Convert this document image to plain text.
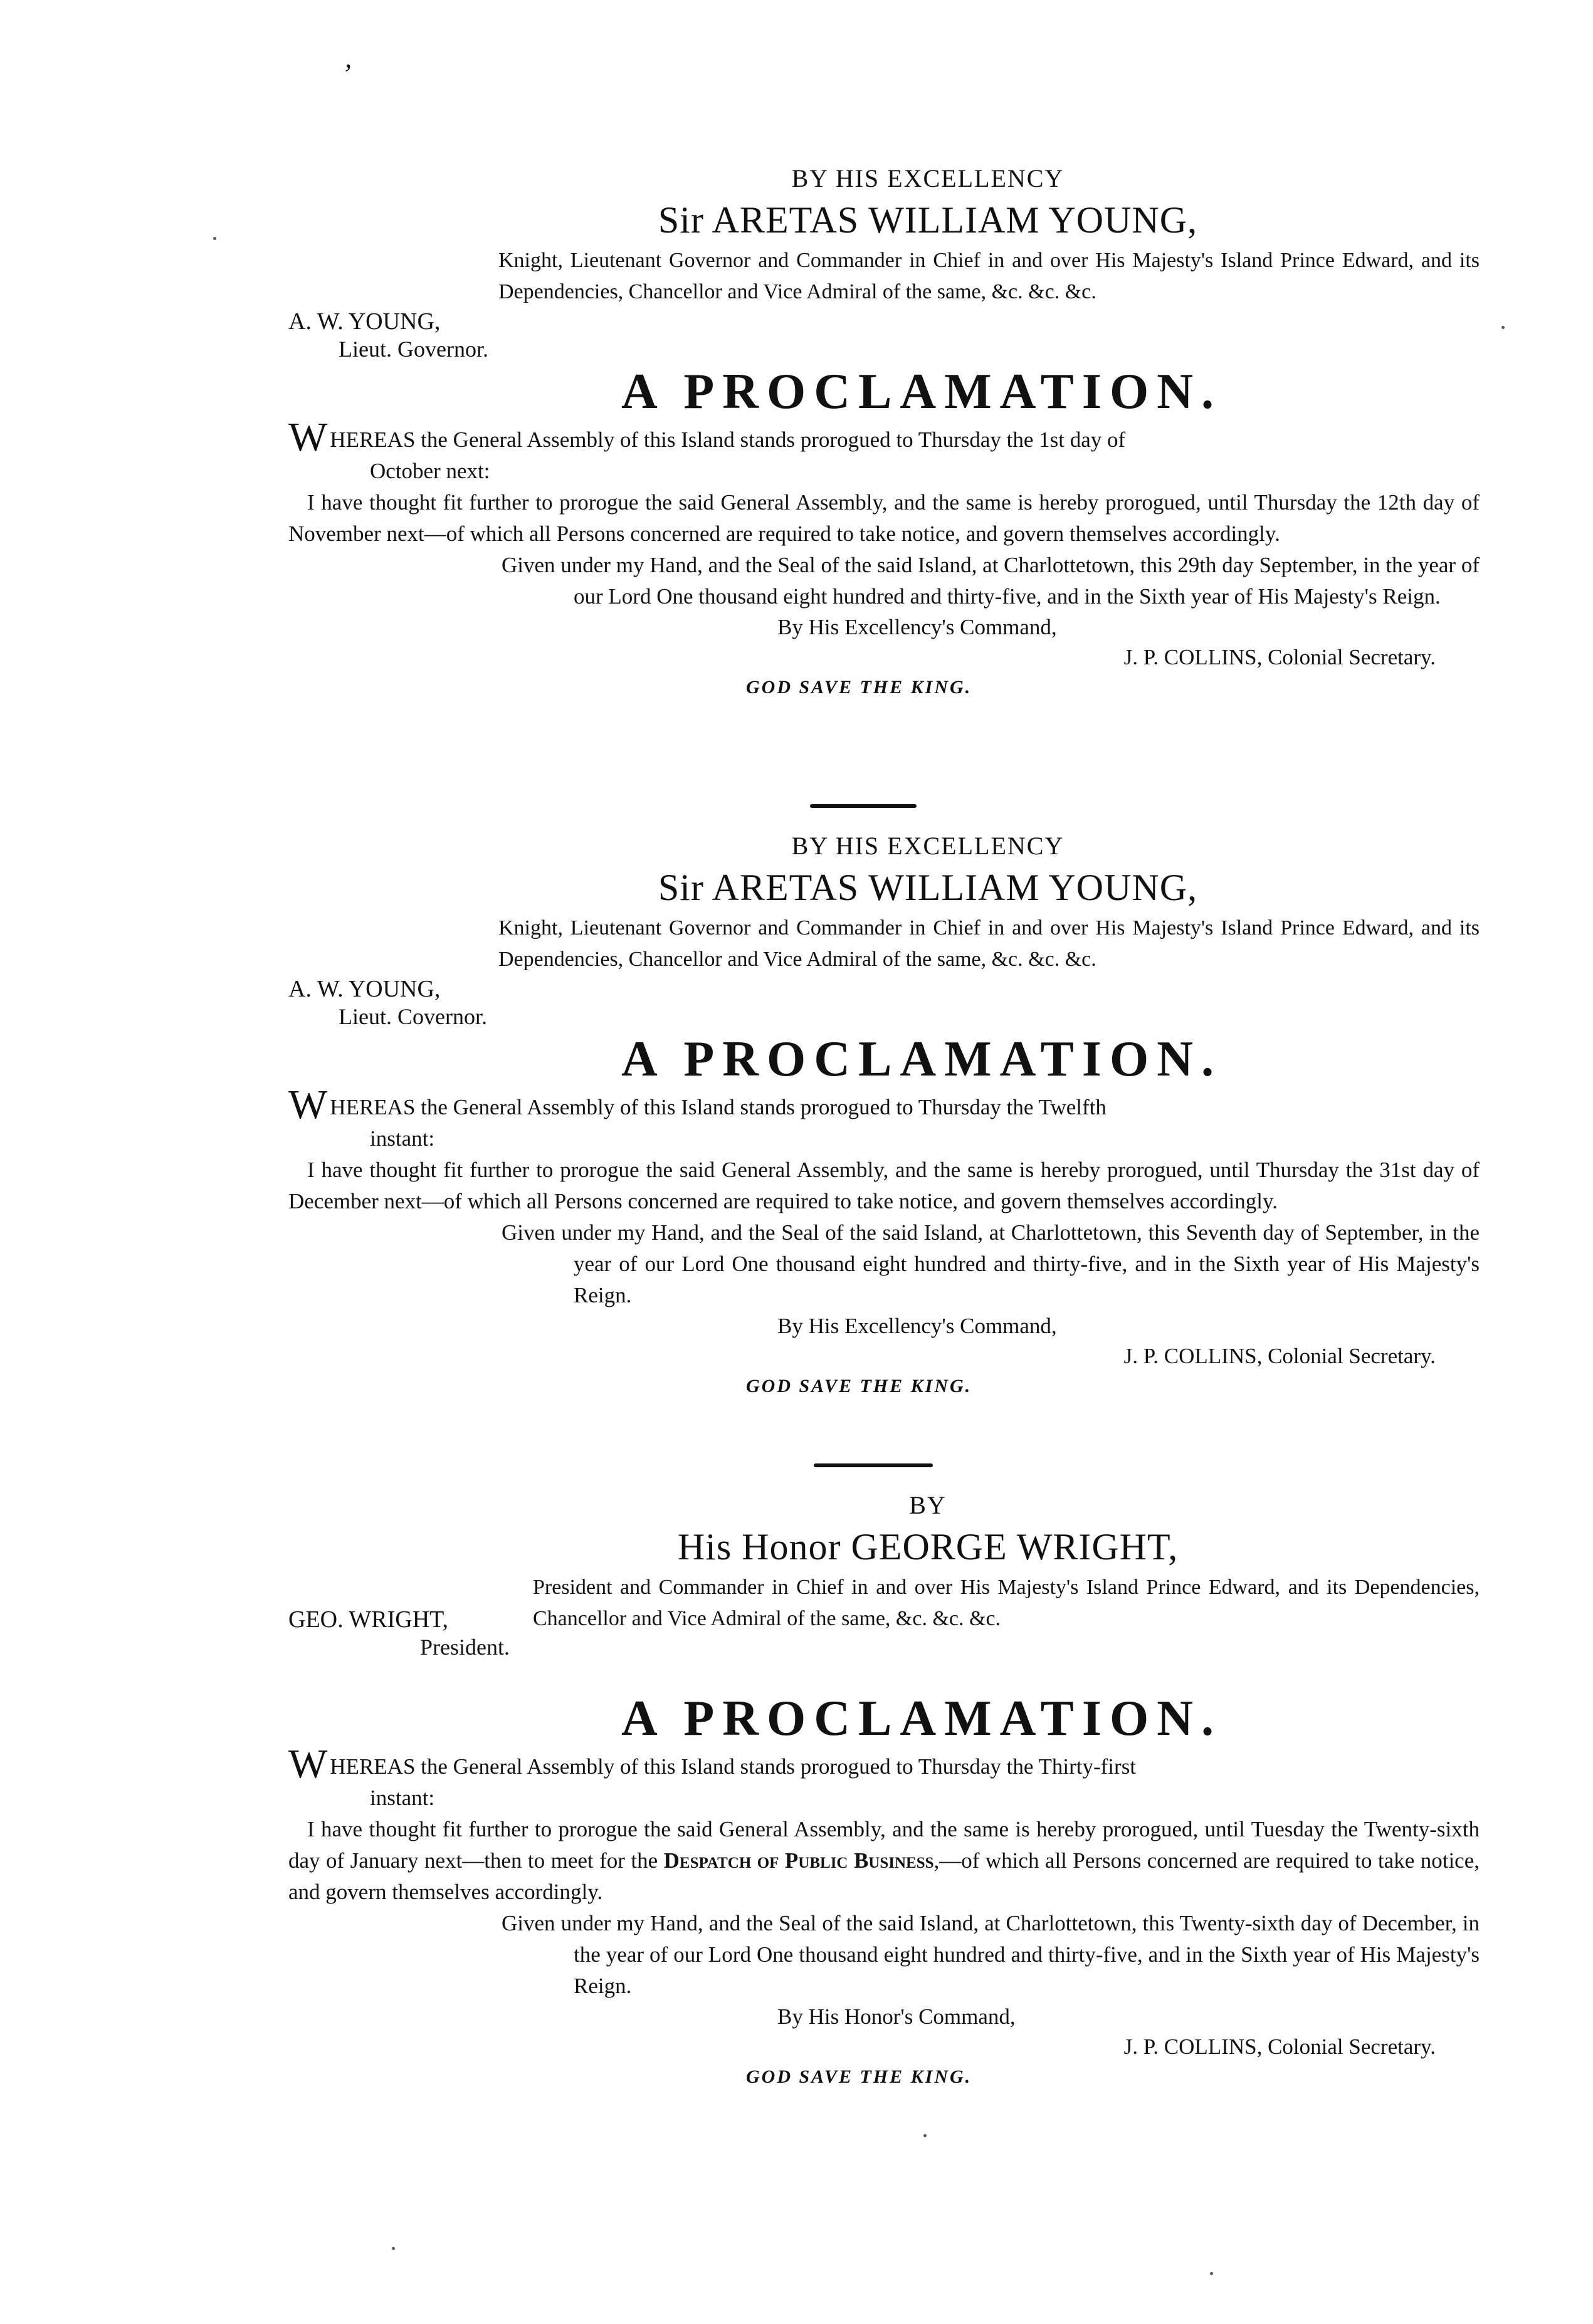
’
BY HIS EXCELLENCY
Sir ARETAS WILLIAM YOUNG,
Knight, Lieutenant Governor and Commander in Chief in and over His Majesty's Island Prince Edward, and its Dependencies, Chancellor and Vice Admiral of the same, &c. &c. &c.
A. W. YOUNG,
Lieut. Governor.
A PROCLAMATION.
WHEREAS the General Assembly of this Island stands prorogued to Thursday the 1st day of
October next:
I have thought fit further to prorogue the said General Assembly, and the same is hereby prorogued, until Thursday the 12th day of November next—of which all Persons concerned are required to take notice, and govern themselves accordingly.
Given under my Hand, and the Seal of the said Island, at Charlottetown, this 29th day September, in the year of our Lord One thousand eight hundred and thirty-five, and in the Sixth year of His Majesty's Reign.
By His Excellency's Command,
J. P. COLLINS, Colonial Secretary.
GOD SAVE THE KING.
BY HIS EXCELLENCY
Sir ARETAS WILLIAM YOUNG,
Knight, Lieutenant Governor and Commander in Chief in and over His Majesty's Island Prince Edward, and its Dependencies, Chancellor and Vice Admiral of the same, &c. &c. &c.
A. W. YOUNG,
Lieut. Covernor.
A PROCLAMATION.
WHEREAS the General Assembly of this Island stands prorogued to Thursday the Twelfth
instant:
I have thought fit further to prorogue the said General Assembly, and the same is hereby prorogued, until Thursday the 31st day of December next—of which all Persons concerned are required to take notice, and govern themselves accordingly.
Given under my Hand, and the Seal of the said Island, at Charlottetown, this Seventh day of September, in the year of our Lord One thousand eight hundred and thirty-five, and in the Sixth year of His Majesty's Reign.
By His Excellency's Command,
J. P. COLLINS, Colonial Secretary.
GOD SAVE THE KING.
BY
His Honor GEORGE WRIGHT,
President and Commander in Chief in and over His Majesty's Island Prince Edward, and its Dependencies, Chancellor and Vice Admiral of the same, &c. &c. &c.
GEO. WRIGHT,
President.
A PROCLAMATION.
WHEREAS the General Assembly of this Island stands prorogued to Thursday the Thirty-first
instant:
I have thought fit further to prorogue the said General Assembly, and the same is hereby prorogued, until Tuesday the Twenty-sixth day of January next—then to meet for the Despatch of Public Business,—of which all Persons concerned are required to take notice, and govern themselves accordingly.
Given under my Hand, and the Seal of the said Island, at Charlottetown, this Twenty-sixth day of December, in the year of our Lord One thousand eight hundred and thirty-five, and in the Sixth year of His Majesty's Reign.
By His Honor's Command,
J. P. COLLINS, Colonial Secretary.
GOD SAVE THE KING.
